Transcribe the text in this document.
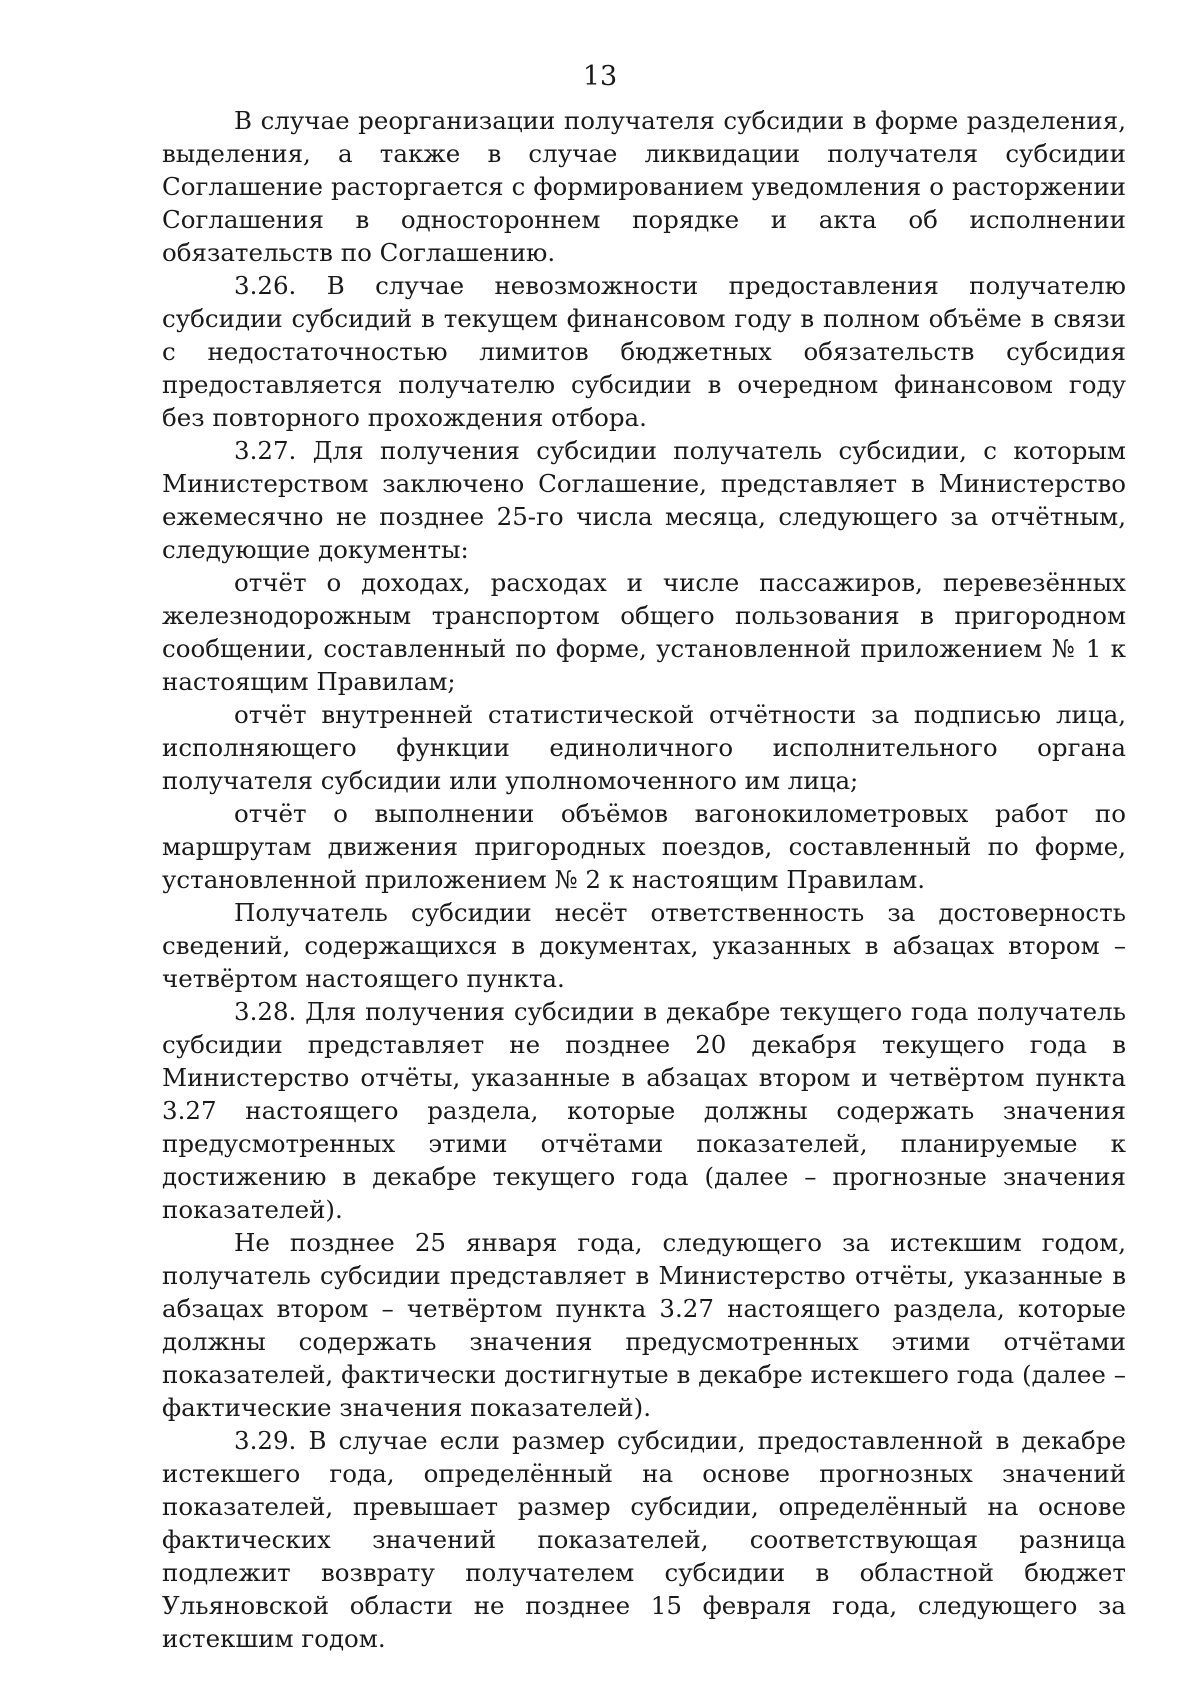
13

В случае реорганизации получателя субсидии в форме разделения, выделения, а также в случае ликвидации получателя субсидии Соглашение расторгается с формированием уведомления о расторжении Соглашения в одностороннем порядке и акта об исполнении обязательств по Соглашению.

3.26. В случае невозможности предоставления получателю субсидии субсидий в текущем финансовом году в полном объёме в связи с недостаточностью лимитов бюджетных обязательств субсидия предоставляется получателю субсидии в очередном финансовом году без повторного прохождения отбора.

3.27. Для получения субсидии получатель субсидии, с которым Министерством заключено Соглашение, представляет в Министерство ежемесячно не позднее 25-го числа месяца, следующего за отчётным, следующие документы:

отчёт о доходах, расходах и числе пассажиров, перевезённых железнодорожным транспортом общего пользования в пригородном сообщении, составленный по форме, установленной приложением № 1 к настоящим Правилам;

отчёт внутренней статистической отчётности за подписью лица, исполняющего функции единоличного исполнительного органа получателя субсидии или уполномоченного им лица;

отчёт о выполнении объёмов вагонокилометровых работ по маршрутам движения пригородных поездов, составленный по форме, установленной приложением № 2 к настоящим Правилам.

Получатель субсидии несёт ответственность за достоверность сведений, содержащихся в документах, указанных в абзацах втором – четвёртом настоящего пункта.

3.28. Для получения субсидии в декабре текущего года получатель субсидии представляет не позднее 20 декабря текущего года в Министерство отчёты, указанные в абзацах втором и четвёртом пункта 3.27 настоящего раздела, которые должны содержать значения предусмотренных этими отчётами показателей, планируемые к достижению в декабре текущего года (далее – прогнозные значения показателей).

Не позднее 25 января года, следующего за истекшим годом, получатель субсидии представляет в Министерство отчёты, указанные в абзацах втором – четвёртом пункта 3.27 настоящего раздела, которые должны содержать значения предусмотренных этими отчётами показателей, фактически достигнутые в декабре истекшего года (далее – фактические значения показателей).

3.29. В случае если размер субсидии, предоставленной в декабре истекшего года, определённый на основе прогнозных значений показателей, превышает размер субсидии, определённый на основе фактических значений показателей, соответствующая разница подлежит возврату получателем субсидии в областной бюджет Ульяновской области не позднее 15 февраля года, следующего за истекшим годом.
